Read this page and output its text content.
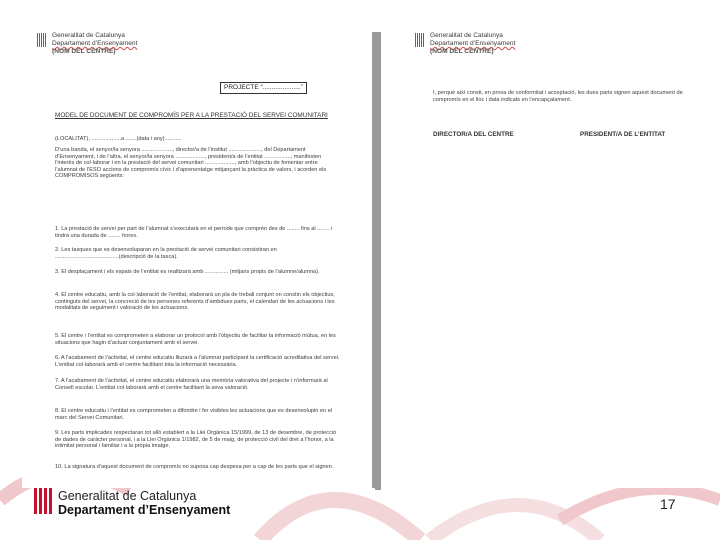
Generalitat de Catalunya
Departament d’Ensenyament
(NOM DEL CENTRE)
PROJECTE “.....................”
MODEL DE DOCUMENT DE COMPROMÍS PER A LA PRESTACIÓ DEL SERVEI COMUNITARI
(LOCALITAT), ...................a .......(data i any)...........
D’una banda, el senyor/la senyora ...................., director/a de l’institut ....................., del Departament d’Ensenyament, i de l’altra, el senyor/la senyora ..................., president/a de l’entitat ................., manifesten l’interès de col·laborar i en la prestació del servei comunitari ..................., amb l’objectiu de fomentar entre l’alumnat de l’ESO accions de compromís cívic i d’aprenentatge mitjançant la pràctica de valors, i acorden els COMPROMISOS següents:
1. La prestació de servei per part de l’alumnat s’executarà en el període que comprèn des de ........ fins al ........ i tindrà una durada de ........ hores.
2. Les tasques que es desenvoluparan en la prestació de servei comunitari consistiran en .........................................(descripció de la tasca).
3. El desplaçament i els espais de l’entitat es realitzarà amb ............... (mitjans propis de l’alumne/alumna).
4. El centre educatiu, amb la col·laboració de l’entitat, elaborarà un pla de treball conjunt on constin els objectius, continguts del servei, la concreció de les persones referents d’ambdues parts, el calendari de les actuacions i les modalitats de seguiment i valoració de les actuacions.
5. El centre i l’entitat es comprometen a elaborar un protocol amb l’objectiu de facilitar la informació mútua, en les situacions que hagin d’actuar conjuntament amb el servei.
6. A l’acabament de l’activitat, el centre educatiu lliurarà a l’alumnat participant la certificació acreditativa del servei. L’entitat col·laborarà amb el centre facilitant tota la informació necessària.
7. A l’acabament de l’activitat, el centre educatiu elaborarà una memòria valorativa del projecte i n’informarà al Consell escolar. L’entitat col·laborarà amb el centre facilitant la seva valoració.
8. El centre educatiu i l’entitat es comprometen a difondre i fer visibles les actuacions que es desenvolupin en el marc del Servei Comunitari.
9. Les parts implicades respectaran tot allò establert a la Llei Orgànica 15/1999, de 13 de desembre, de protecció de dades de caràcter personal, i a la Llei Orgànica 1/1982, de 5 de maig, de protecció civil del dret a l’honor, a la intimitat personal i familiar i a la pròpia imatge.
10. La signatura d’aquest document de compromís no suposa cap despesa per a cap de les parts que el signen.
Generalitat de Catalunya
Departament d’Ensenyament
(NOM DEL CENTRE)
I, perquè així consti, en prova de conformitat i acceptació, les dues parts signen aquest document de compromís en el lloc i data indicats en l’encapçalament.
DIRECTOR/A DEL CENTRE	PRESIDENT/A DE L’ENTITAT
Generalitat de Catalunya
Departament d’Ensenyament	17
